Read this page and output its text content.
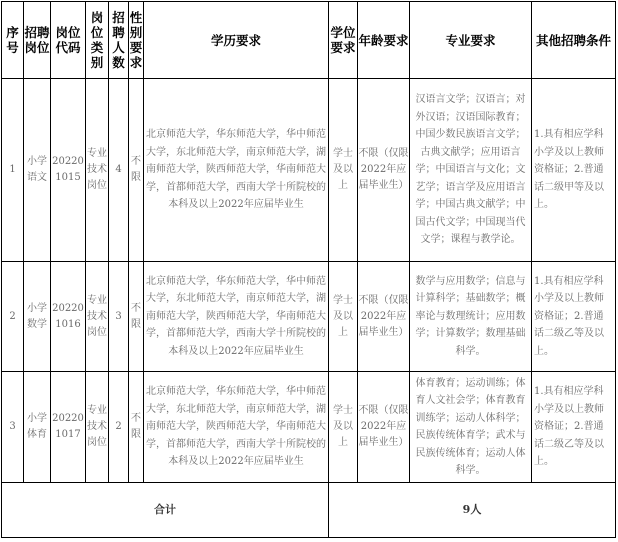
序号	招聘岗位	岗位代码	岗位类别	招聘人数	性别要求	学历要求	学位要求	年龄要求	专业要求	其他招聘条件
1	小学语文	202201015	专业技术岗位	4	不限	北京师范大学，华东师范大学，华中师范大学，东北师范大学，南京师范大学，湖南师范大学，陕西师范大学，华南师范大学，首都师范大学，西南大学十所院校的本科及以上2022年应届毕业生	学士及以上	不限（仅限2022年应届毕业生）	汉语言文学；汉语言；对外汉语；汉语国际教育；中国少数民族语言文学；古典文献学；应用语言学；中国语言与文化；文艺学；语言学及应用语言学；中国古典文献学；中国古代文学；中国现当代文学；课程与教学论。	1.具有相应学科小学及以上教师资格证；2.普通话二级甲等及以上。
2	小学数学	202201016	专业技术岗位	3	不限	北京师范大学，华东师范大学，华中师范大学，东北师范大学，南京师范大学，湖南师范大学，陕西师范大学，华南师范大学，首都师范大学，西南大学十所院校的本科及以上2022年应届毕业生	学士及以上	不限（仅限2022年应届毕业生）	数学与应用数学；信息与计算科学；基础数学；概率论与数理统计；应用数学；计算数学；数理基础科学。	1.具有相应学科小学及以上教师资格证；2.普通话二级乙等及以上。
3	小学体育	202201017	专业技术岗位	2	不限	北京师范大学，华东师范大学，华中师范大学，东北师范大学，南京师范大学，湖南师范大学，陕西师范大学，华南师范大学，首都师范大学，西南大学十所院校的本科及以上2022年应届毕业生	学士及以上	不限（仅限2022年应届毕业生）	体育教育；运动训练；体育人文社会学；体育教育训练学；运动人体科学；民族传统体育学；武术与民族传统体育；运动人体科学。	1.具有相应学科小学及以上教师资格证；2.普通话二级乙等及以上。
合计							9人			
